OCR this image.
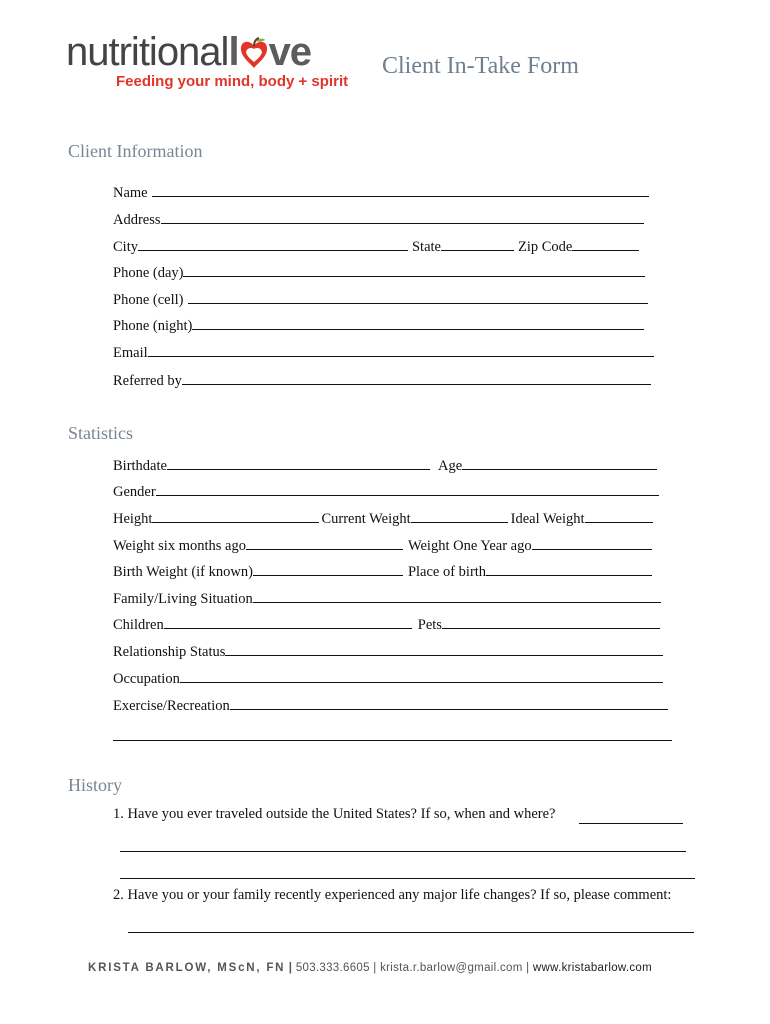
nutritionall ve
Feeding your mind, body + spirit
Client In-Take Form
Client Information
Name
Address
City	State	Zip Code
Phone (day)
Phone (cell)
Phone (night)
Email
Referred by
Statistics
Birthdate	Age
Gender
Height	Current Weight	Ideal Weight
Weight six months ago	Weight One Year ago
Birth Weight (if known)	Place of birth
Family/Living Situation
Children	Pets
Relationship Status
Occupation
Exercise/Recreation
History
1. Have you ever traveled outside the United States? If so, when and where?
2. Have you or your family recently experienced any major life changes? If so, please comment:
KRISTA BARLOW, MScN, FN | 503.333.6605 | krista.r.barlow@gmail.com | www.kristabarlow.com
